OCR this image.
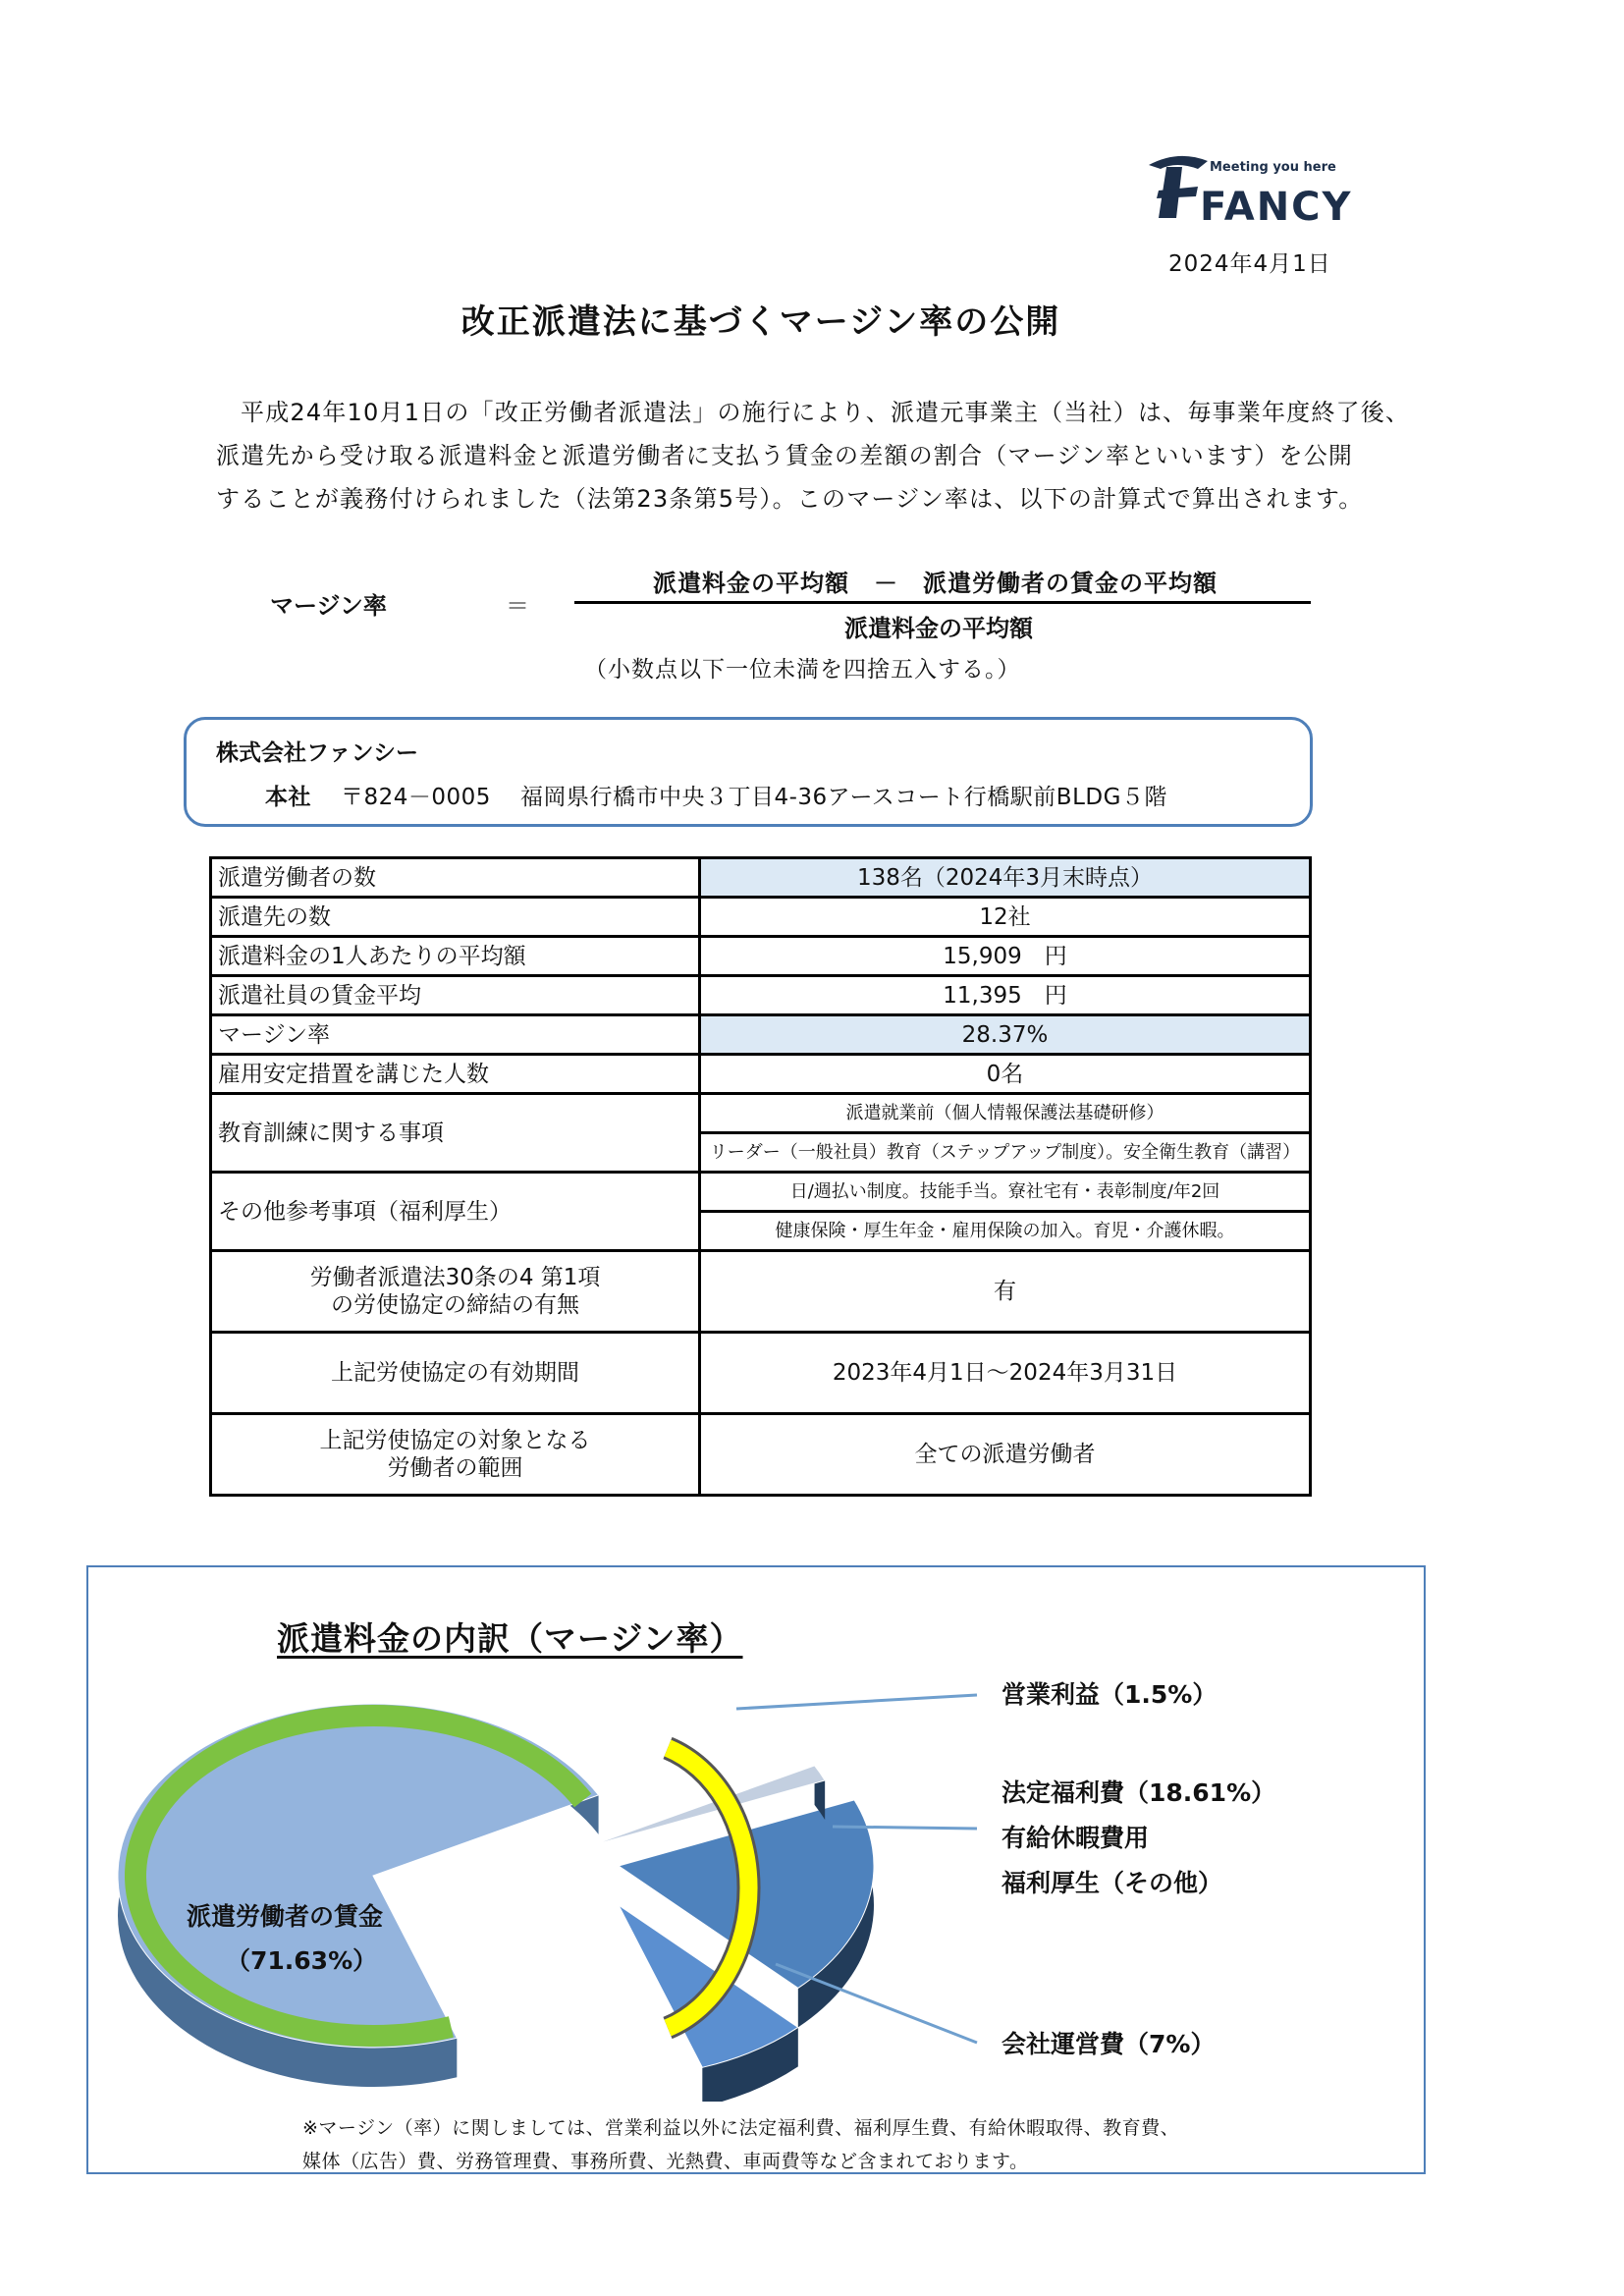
Meeting you here
FANCY
2024年4月1日
改正派遣法に基づくマージン率の公開
平成24年10月1日の「改正労働者派遣法」の施行により、派遣元事業主（当社）は、毎事業年度終了後、
派遣先から受け取る派遣料金と派遣労働者に支払う賃金の差額の割合（マージン率といいます）を公開
することが義務付けられました（法第23条第5号）。このマージン率は、以下の計算式で算出されます。
マージン率	＝
派遣料金の平均額　－　派遣労働者の賃金の平均額
派遣料金の平均額
（小数点以下一位未満を四捨五入する。）
株式会社ファンシー
本社 〒824－0005 福岡県行橋市中央３丁目4-36アースコート行橋駅前BLDG５階
派遣労働者の数	138名（2024年3月末時点）
派遣先の数	12社
派遣料金の1人あたりの平均額	15,909　円
派遣社員の賃金平均	11,395　円
マージン率	28.37%
雇用安定措置を講じた人数	0名
教育訓練に関する事項	派遣就業前（個人情報保護法基礎研修）
	リーダー（一般社員）教育（ステップアップ制度）。安全衛生教育（講習）
その他参考事項（福利厚生）	日/週払い制度。技能手当。寮社宅有・表彰制度/年2回
	健康保険・厚生年金・雇用保険の加入。育児・介護休暇。

労働者派遣法30条の4 第1項
の労使協定の締結の有無	有
上記労使協定の有効期間	2023年4月1日～2024年3月31日

上記労使協定の対象となる
労働者の範囲	全ての派遣労働者
派遣料金の内訳（マージン率）
営業利益（1.5%）
法定福利費（18.61%）
有給休暇費用
福利厚生（その他）
会社運営費（7%）
派遣労働者の賃金
（71.63%）
※マージン（率）に関しましては、営業利益以外に法定福利費、福利厚生費、有給休暇取得、教育費、
媒体（広告）費、労務管理費、事務所費、光熱費、車両費等など含まれております。
